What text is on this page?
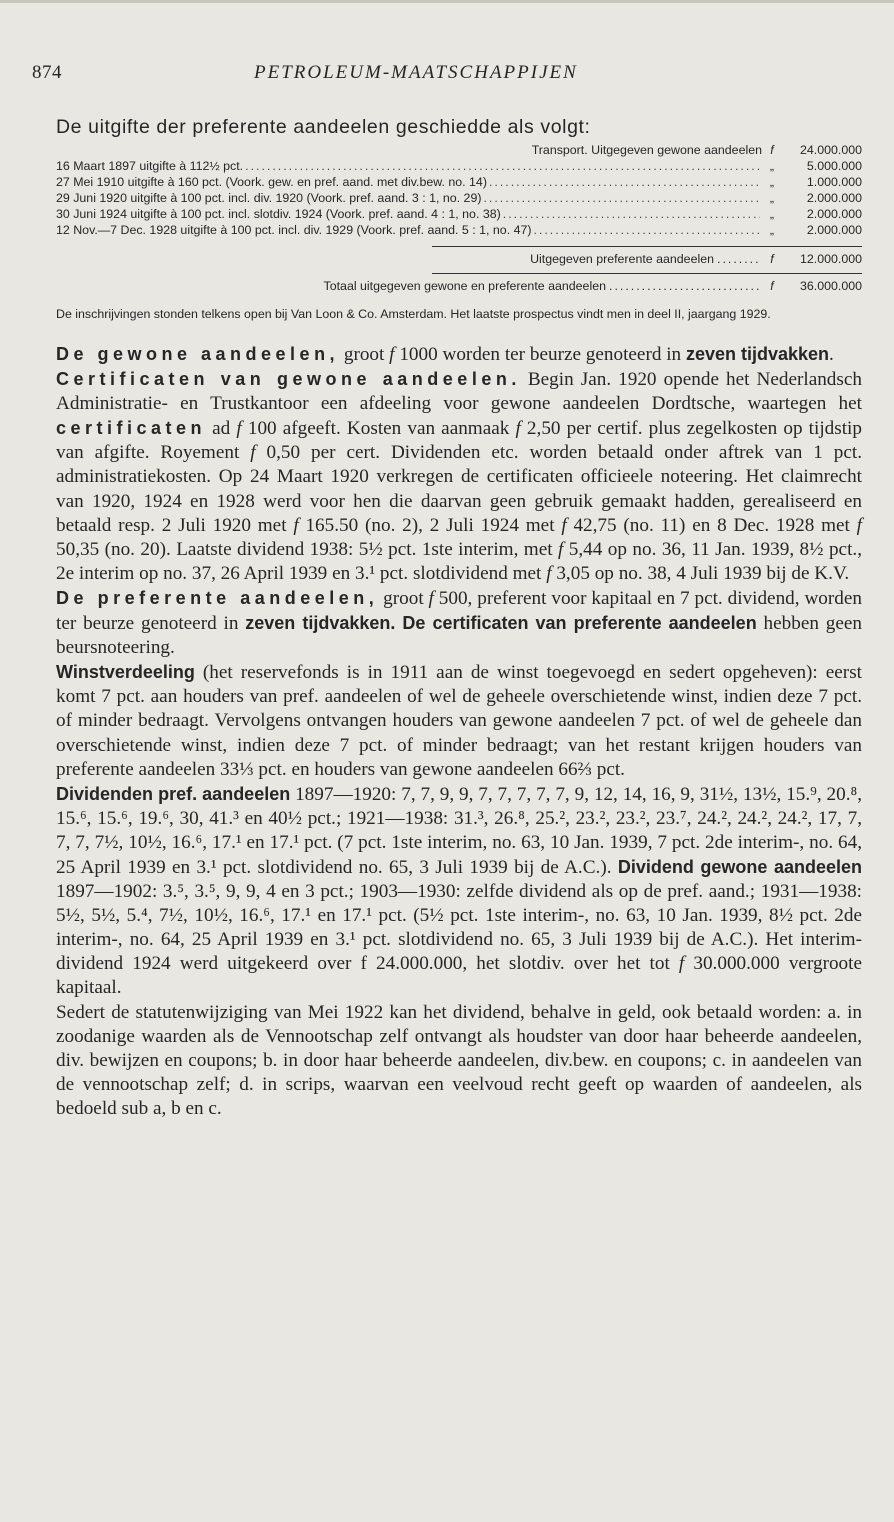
874	PETROLEUM-MAATSCHAPPIJEN

De uitgifte der preferente aandeelen geschiedde als volgt:

Transport. Uitgegeven gewone aandeelen f	24.000.000
16 Maart 1897 uitgifte à 112½ pct. .....	„	5.000.000
27 Mei 1910 uitgifte à 160 pct. (Voork. gew. en pref. aand. met div.bew. no. 14) .....	„	1.000.000
29 Juni 1920 uitgifte à 100 pct. incl. div. 1920 (Voork. pref. aand. 3 : 1, no. 29) .....	„	2.000.000
30 Juni 1924 uitgifte à 100 pct. incl. slotdiv. 1924 (Voork. pref. aand. 4 : 1, no. 38) .....	„	2.000.000
12 Nov.—7 Dec. 1928 uitgifte à 100 pct. incl. div. 1929 (Voork. pref. aand. 5 : 1, no. 47) .....	„	2.000.000
Uitgegeven preferente aandeelen .....	f	12.000.000
Totaal uitgegeven gewone en preferente aandeelen .....	f	36.000.000

De inschrijvingen stonden telkens open bij Van Loon & Co. Amsterdam. Het laatste prospectus vindt men in deel II, jaargang 1929.

De gewone aandeelen, groot f 1000 worden ter beurze genoteerd in zeven tijdvakken.

Certificaten van gewone aandeelen. Begin Jan. 1920 opende het Nederlandsch Administratie- en Trustkantoor een afdeeling voor gewone aandeelen Dordtsche, waartegen het certificaten ad f 100 afgeeft. Kosten van aanmaak f 2,50 per certif. plus zegelkosten op tijdstip van afgifte. Royement f 0,50 per cert. Dividenden etc. worden betaald onder aftrek van 1 pct. administratiekosten. Op 24 Maart 1920 verkregen de certificaten officieele noteering. Het claimrecht van 1920, 1924 en 1928 werd voor hen die daarvan geen gebruik gemaakt hadden, gerealiseerd en betaald resp. 2 Juli 1920 met f 165.50 (no. 2), 2 Juli 1924 met f 42,75 (no. 11) en 8 Dec. 1928 met f 50,35 (no. 20). Laatste dividend 1938: 5½ pct. 1ste interim, met f 5,44 op no. 36, 11 Jan. 1939, 8½ pct., 2e interim op no. 37, 26 April 1939 en 3.¹ pct. slotdividend met f 3,05 op no. 38, 4 Juli 1939 bij de K.V.

De preferente aandeelen, groot f 500, preferent voor kapitaal en 7 pct. dividend, worden ter beurze genoteerd in zeven tijdvakken. De certificaten van preferente aandeelen hebben geen beursnoteering.

Winstverdeeling (het reservefonds is in 1911 aan de winst toegevoegd en sedert opgeheven): eerst komt 7 pct. aan houders van pref. aandeelen of wel de geheele overschietende winst, indien deze 7 pct. of minder bedraagt. Vervolgens ontvangen houders van gewone aandeelen 7 pct. of wel de geheele dan overschietende winst, indien deze 7 pct. of minder bedraagt; van het restant krijgen houders van preferente aandeelen 33⅓ pct. en houders van gewone aandeelen 66⅔ pct.

Dividenden pref. aandeelen 1897—1920: 7, 7, 9, 9, 7, 7, 7, 7, 7, 9, 12, 14, 16, 9, 31½, 13½, 15.⁹, 20.⁸, 15.⁶, 15.⁶, 19.⁶, 30, 41.³ en 40½ pct.; 1921—1938: 31.³, 26.⁸, 25.², 23.², 23.², 23.⁷, 24.², 24.², 24.², 17, 7, 7, 7, 7½, 10½, 16.⁶, 17.¹ en 17.¹ pct. (7 pct. 1ste interim, no. 63, 10 Jan. 1939, 7 pct. 2de interim-, no. 64, 25 April 1939 en 3.¹ pct. slotdividend no. 65, 3 Juli 1939 bij de A.C.). Dividend gewone aandeelen 1897—1902: 3.⁵, 3.⁵, 9, 9, 4 en 3 pct.; 1903—1930: zelfde dividend als op de pref. aand.; 1931—1938: 5½, 5½, 5.⁴, 7½, 10½, 16.⁶, 17.¹ en 17.¹ pct. (5½ pct. 1ste interim-, no. 63, 10 Jan. 1939, 8½ pct. 2de interim-, no. 64, 25 April 1939 en 3.¹ pct. slotdividend no. 65, 3 Juli 1939 bij de A.C.). Het interim-dividend 1924 werd uitgekeerd over f 24.000.000, het slotdiv. over het tot f 30.000.000 vergroote kapitaal.

Sedert de statutenwijziging van Mei 1922 kan het dividend, behalve in geld, ook betaald worden: a. in zoodanige waarden als de Vennootschap zelf ontvangt als houdster van door haar beheerde aandeelen, div. bewijzen en coupons; b. in door haar beheerde aandeelen, div.bew. en coupons; c. in aandeelen van de vennootschap zelf; d. in scrips, waarvan een veelvoud recht geeft op waarden of aandeelen, als bedoeld sub a, b en c.
